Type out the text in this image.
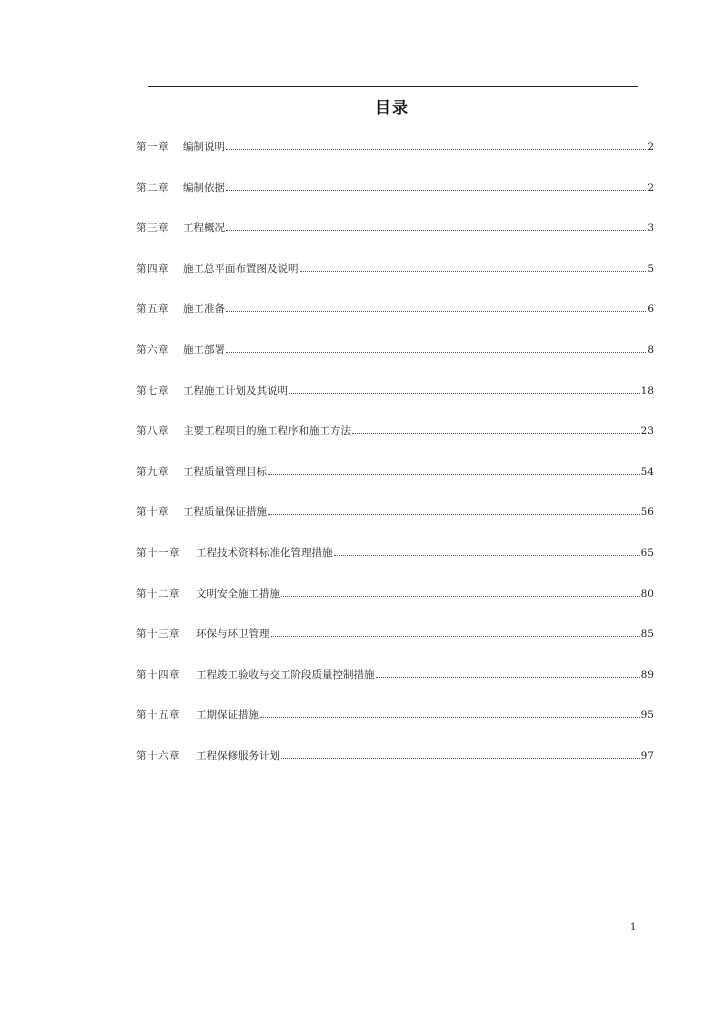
目录
第一章	编制说明	2
第二章	编制依据	2
第三章	工程概况	3
第四章	施工总平面布置图及说明	5
第五章	施工准备	6
第六章	施工部署	8
第七章	工程施工计划及其说明	18
第八章	主要工程项目的施工程序和施工方法	23
第九章	工程质量管理目标	54
第十章	工程质量保证措施	56
第十一章	工程技术资料标准化管理措施	65
第十二章	文明安全施工措施	80
第十三章	环保与环卫管理	85
第十四章	工程竣工验收与交工阶段质量控制措施	89
第十五章	工期保证措施	95
第十六章	工程保修服务计划	97
1
